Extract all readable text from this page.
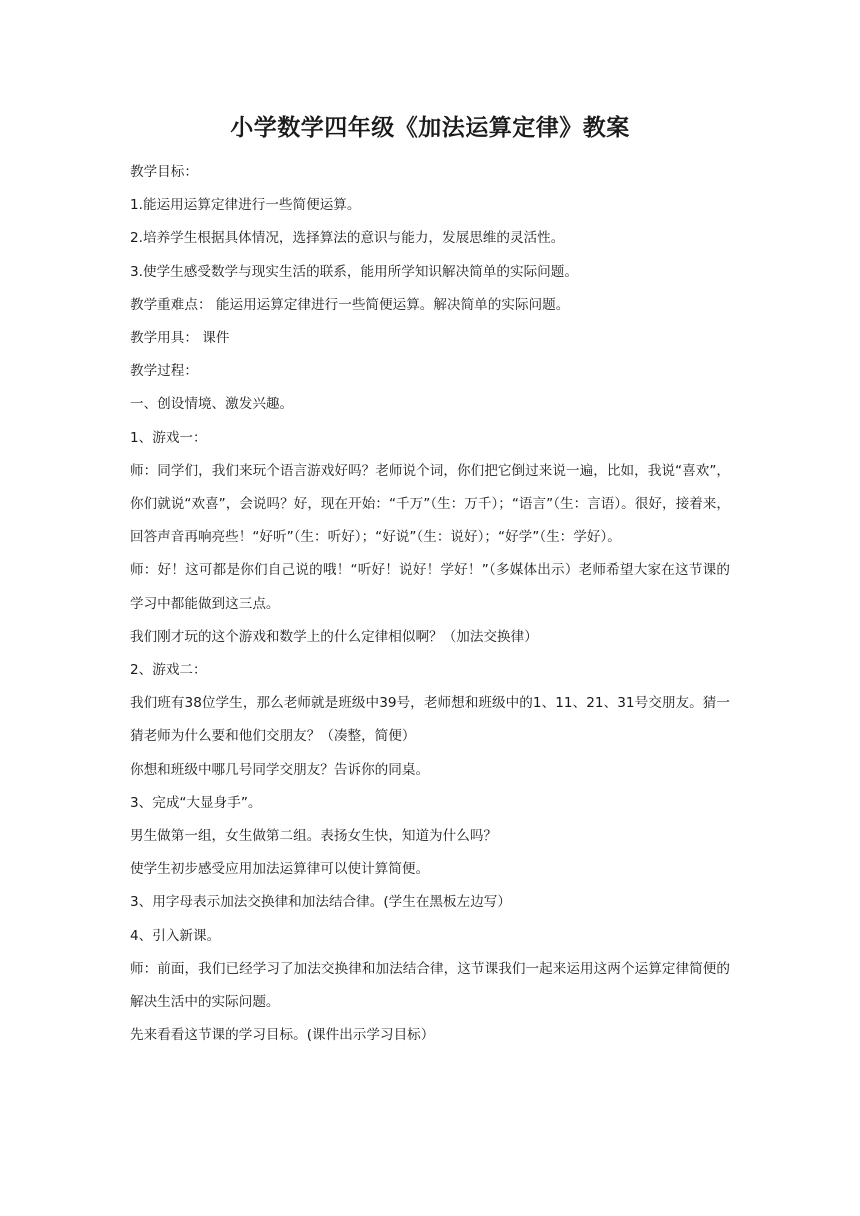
小学数学四年级《加法运算定律》教案

教学目标：

1.能运用运算定律进行一些简便运算。

2.培养学生根据具体情况，选择算法的意识与能力，发展思维的灵活性。

3.使学生感受数学与现实生活的联系，能用所学知识解决简单的实际问题。

教学重难点： 能运用运算定律进行一些简便运算。解决简单的实际问题。

教学用具： 课件

教学过程：

一、创设情境、激发兴趣。

1、游戏一：

师：同学们，我们来玩个语言游戏好吗？老师说个词，你们把它倒过来说一遍，比如，我说“喜欢”，你们就说“欢喜”，会说吗？好，现在开始：“千万”（生：万千）；“语言”（生：言语）。很好，接着来，回答声音再响亮些！“好听”（生：听好）；“好说”（生：说好）；“好学”（生：学好）。

师：好！这可都是你们自己说的哦！“听好！说好！学好！”（多媒体出示）老师希望大家在这节课的学习中都能做到这三点。

我们刚才玩的这个游戏和数学上的什么定律相似啊？（加法交换律）

2、游戏二：

我们班有38位学生，那么老师就是班级中39号，老师想和班级中的1、11、21、31号交朋友。猜一猜老师为什么要和他们交朋友？（凑整，简便）

你想和班级中哪几号同学交朋友？告诉你的同桌。

3、完成“大显身手”。

男生做第一组，女生做第二组。表扬女生快，知道为什么吗？

使学生初步感受应用加法运算律可以使计算简便。

3、用字母表示加法交换律和加法结合律。(学生在黑板左边写）

4、引入新课。

师：前面，我们已经学习了加法交换律和加法结合律，这节课我们一起来运用这两个运算定律简便的解决生活中的实际问题。

先来看看这节课的学习目标。(课件出示学习目标）
